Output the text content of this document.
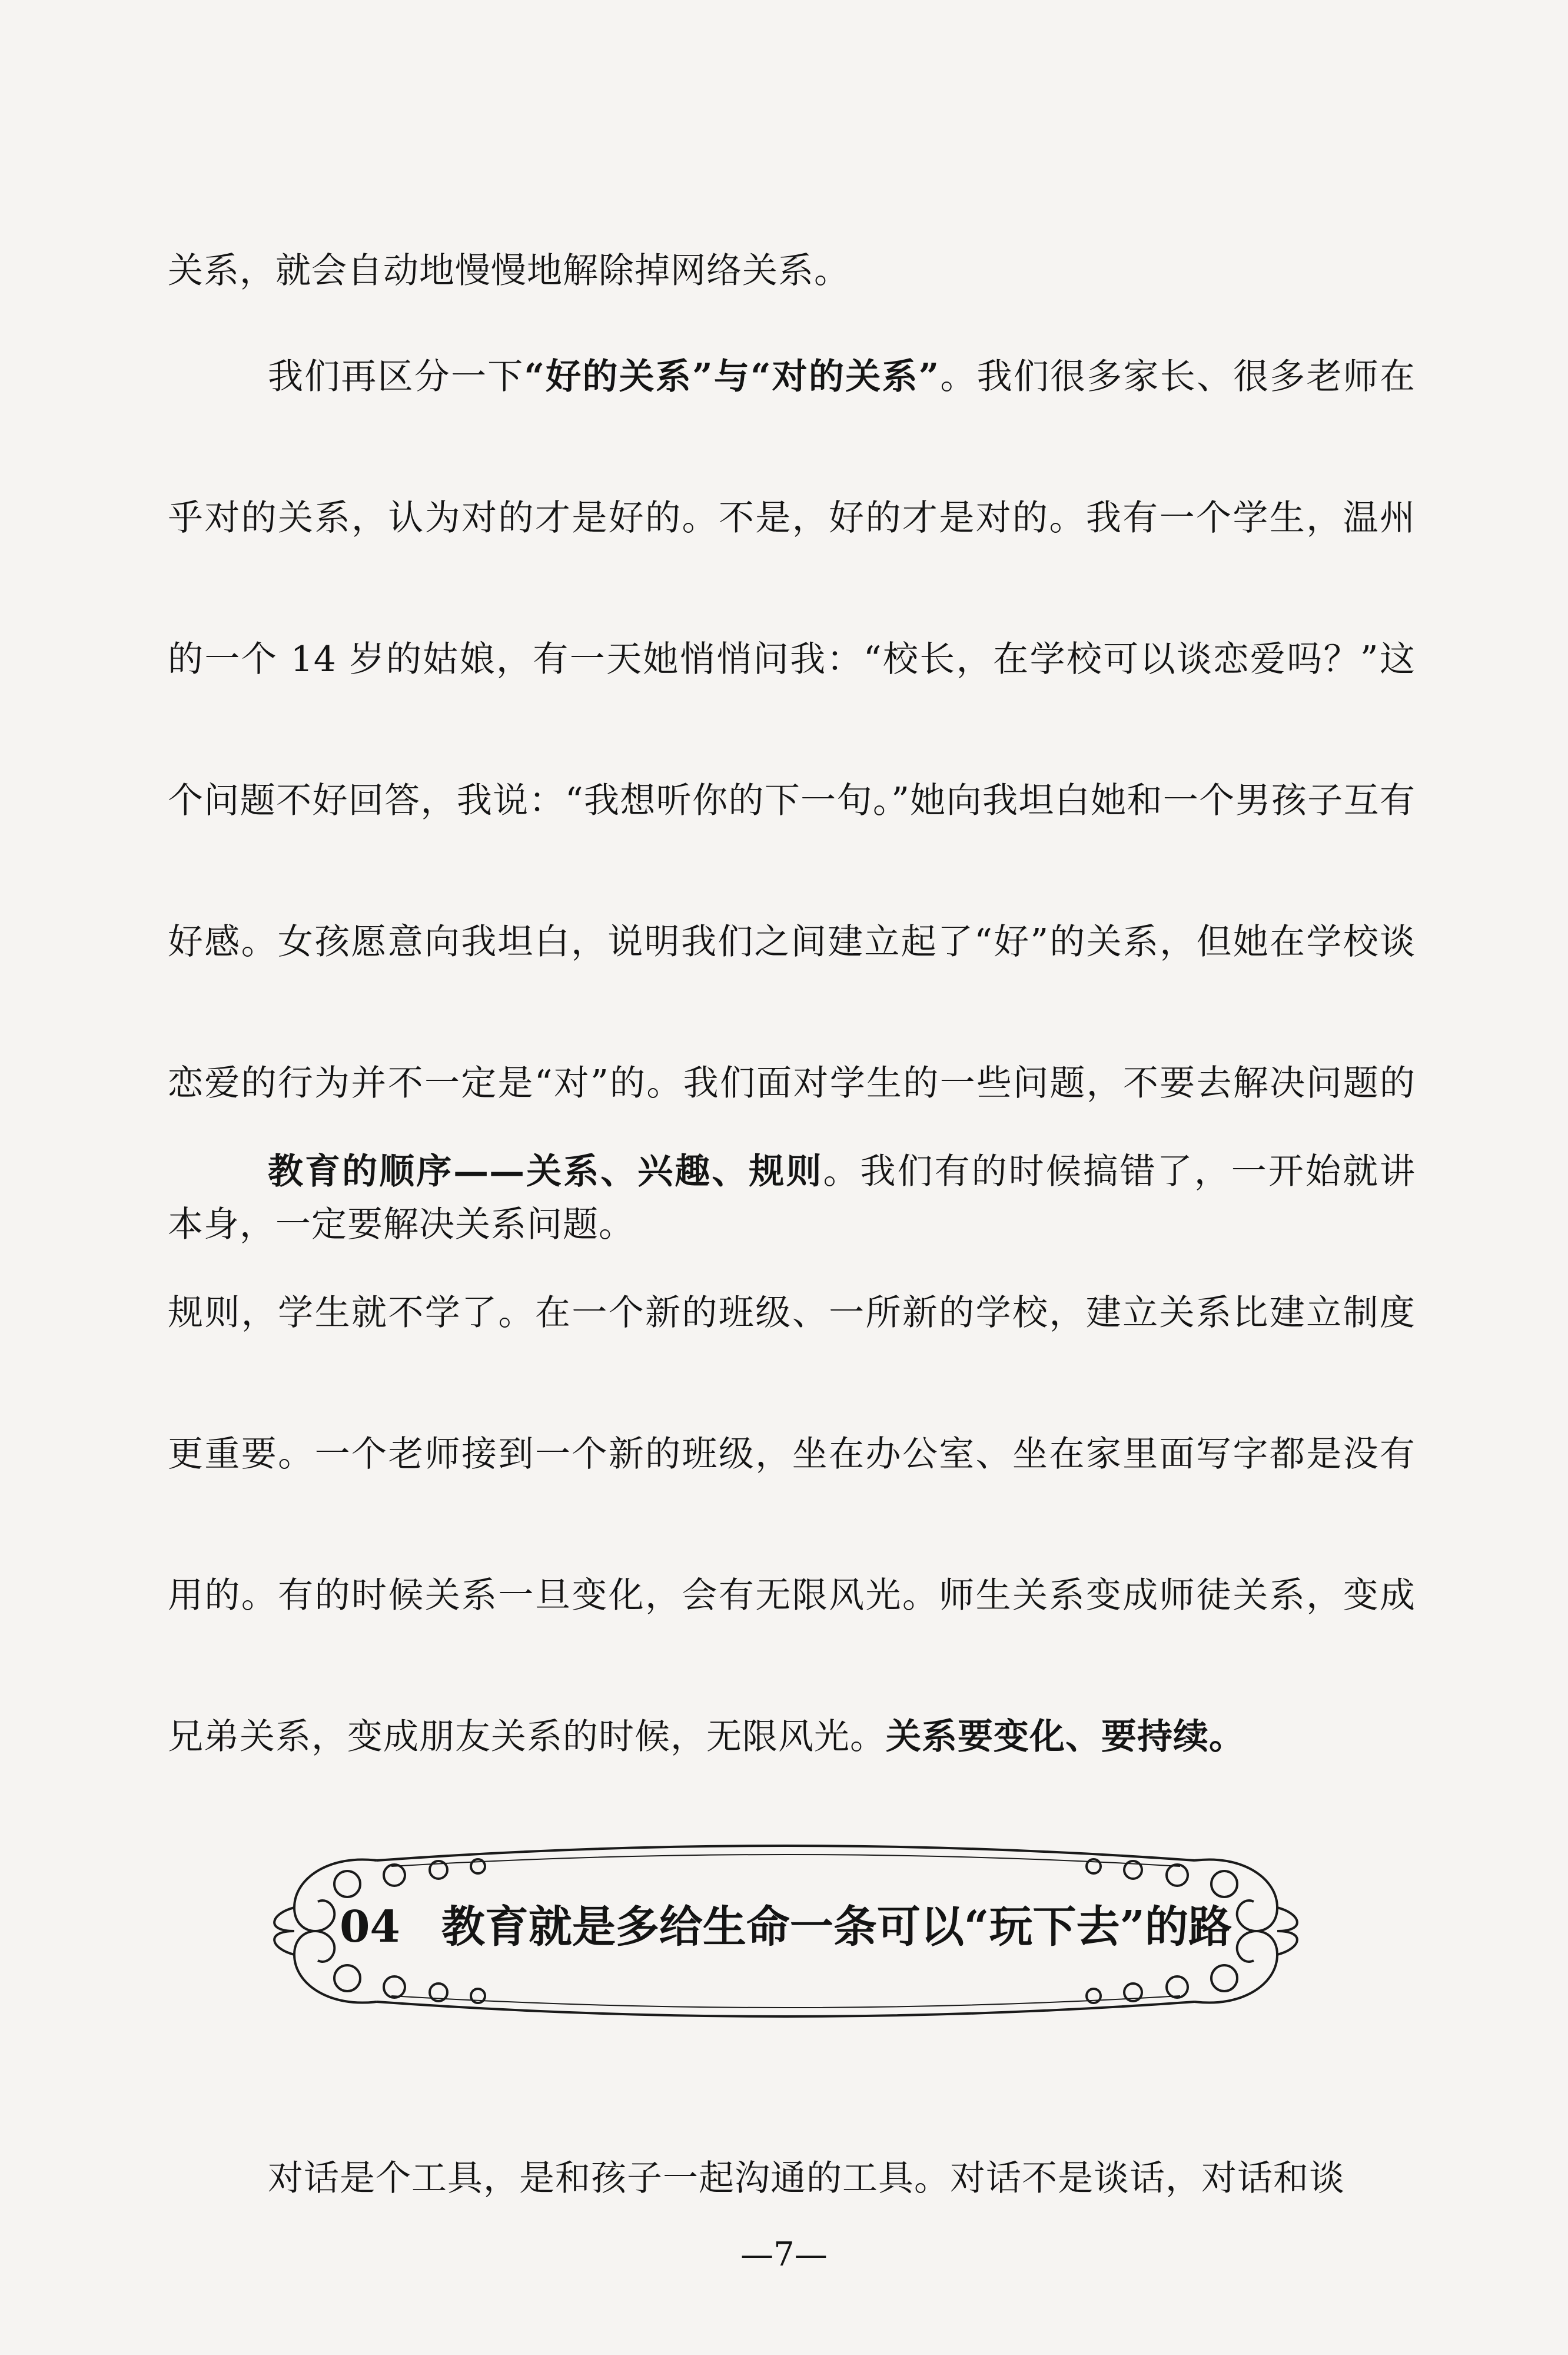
关系，就会自动地慢慢地解除掉网络关系。

我们再区分一下“好的关系”与“对的关系”。我们很多家长、很多老师在乎对的关系，认为对的才是好的。不是，好的才是对的。我有一个学生，温州的一个 14 岁的姑娘，有一天她悄悄问我：“校长，在学校可以谈恋爱吗？”这个问题不好回答，我说：“我想听你的下一句。”她向我坦白她和一个男孩子互有好感。女孩愿意向我坦白，说明我们之间建立起了“好”的关系，但她在学校谈恋爱的行为并不一定是“对”的。我们面对学生的一些问题，不要去解决问题的本身，一定要解决关系问题。

教育的顺序——关系、兴趣、规则。我们有的时候搞错了，一开始就讲规则，学生就不学了。在一个新的班级、一所新的学校，建立关系比建立制度更重要。一个老师接到一个新的班级，坐在办公室、坐在家里面写字都是没有用的。有的时候关系一旦变化，会有无限风光。师生关系变成师徒关系，变成兄弟关系，变成朋友关系的时候，无限风光。关系要变化、要持续。

04 教育就是多给生命一条可以“玩下去”的路

对话是个工具，是和孩子一起沟通的工具。对话不是谈话，对话和谈

—7—
